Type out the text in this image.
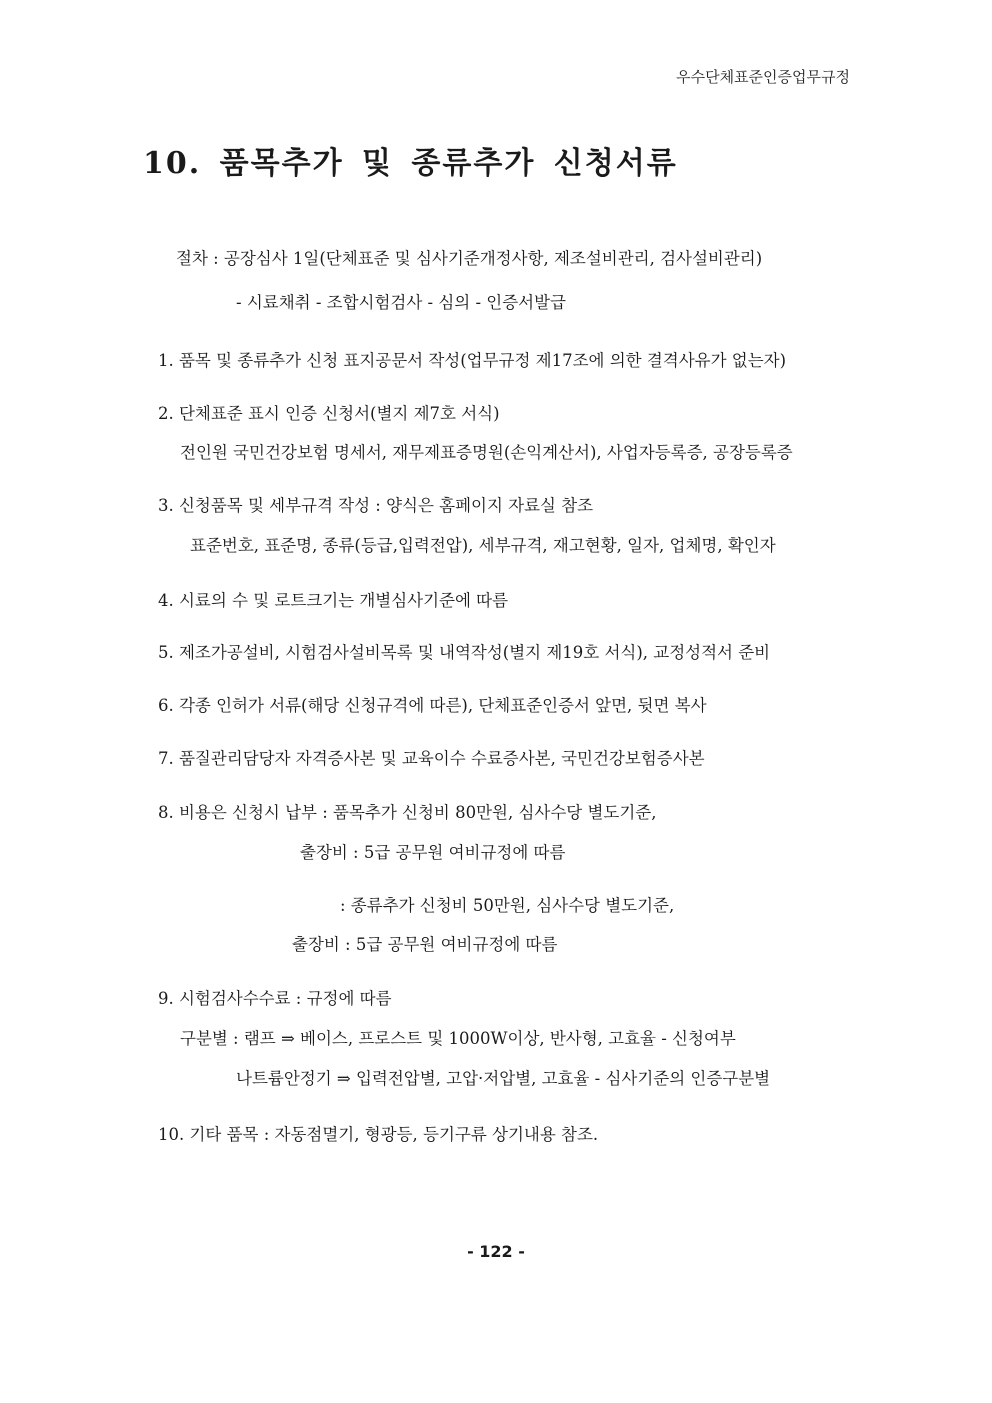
우수단체표준인증업무규정
10. 품목추가 및 종류추가 신청서류
절차 : 공장심사 1일(단체표준 및 심사기준개정사항, 제조설비관리, 검사설비관리)
- 시료채취 - 조합시험검사 - 심의 - 인증서발급
1. 품목 및 종류추가 신청 표지공문서 작성(업무규정 제17조에 의한 결격사유가 없는자)
2. 단체표준 표시 인증 신청서(별지 제7호 서식)
전인원 국민건강보험 명세서, 재무제표증명원(손익계산서), 사업자등록증, 공장등록증
3. 신청품목 및 세부규격 작성 : 양식은 홈페이지 자료실 참조
표준번호, 표준명, 종류(등급,입력전압), 세부규격, 재고현황, 일자, 업체명, 확인자
4. 시료의 수 및 로트크기는 개별심사기준에 따름
5. 제조가공설비, 시험검사설비목록 및 내역작성(별지 제19호 서식), 교정성적서 준비
6. 각종 인허가 서류(해당 신청규격에 따른), 단체표준인증서 앞면, 뒷면 복사
7. 품질관리담당자 자격증사본 및 교육이수 수료증사본, 국민건강보험증사본
8. 비용은 신청시 납부 : 품목추가 신청비 80만원, 심사수당 별도기준,
출장비 : 5급 공무원 여비규정에 따름
: 종류추가 신청비 50만원, 심사수당 별도기준,
출장비 : 5급 공무원 여비규정에 따름
9. 시험검사수수료 : 규정에 따름
구분별 : 램프 ⇒ 베이스, 프로스트 및 1000W이상, 반사형, 고효율 - 신청여부
나트륨안정기 ⇒ 입력전압별, 고압·저압별, 고효율 - 심사기준의 인증구분별
10. 기타 품목 : 자동점멸기, 형광등, 등기구류 상기내용 참조.
- 122 -
